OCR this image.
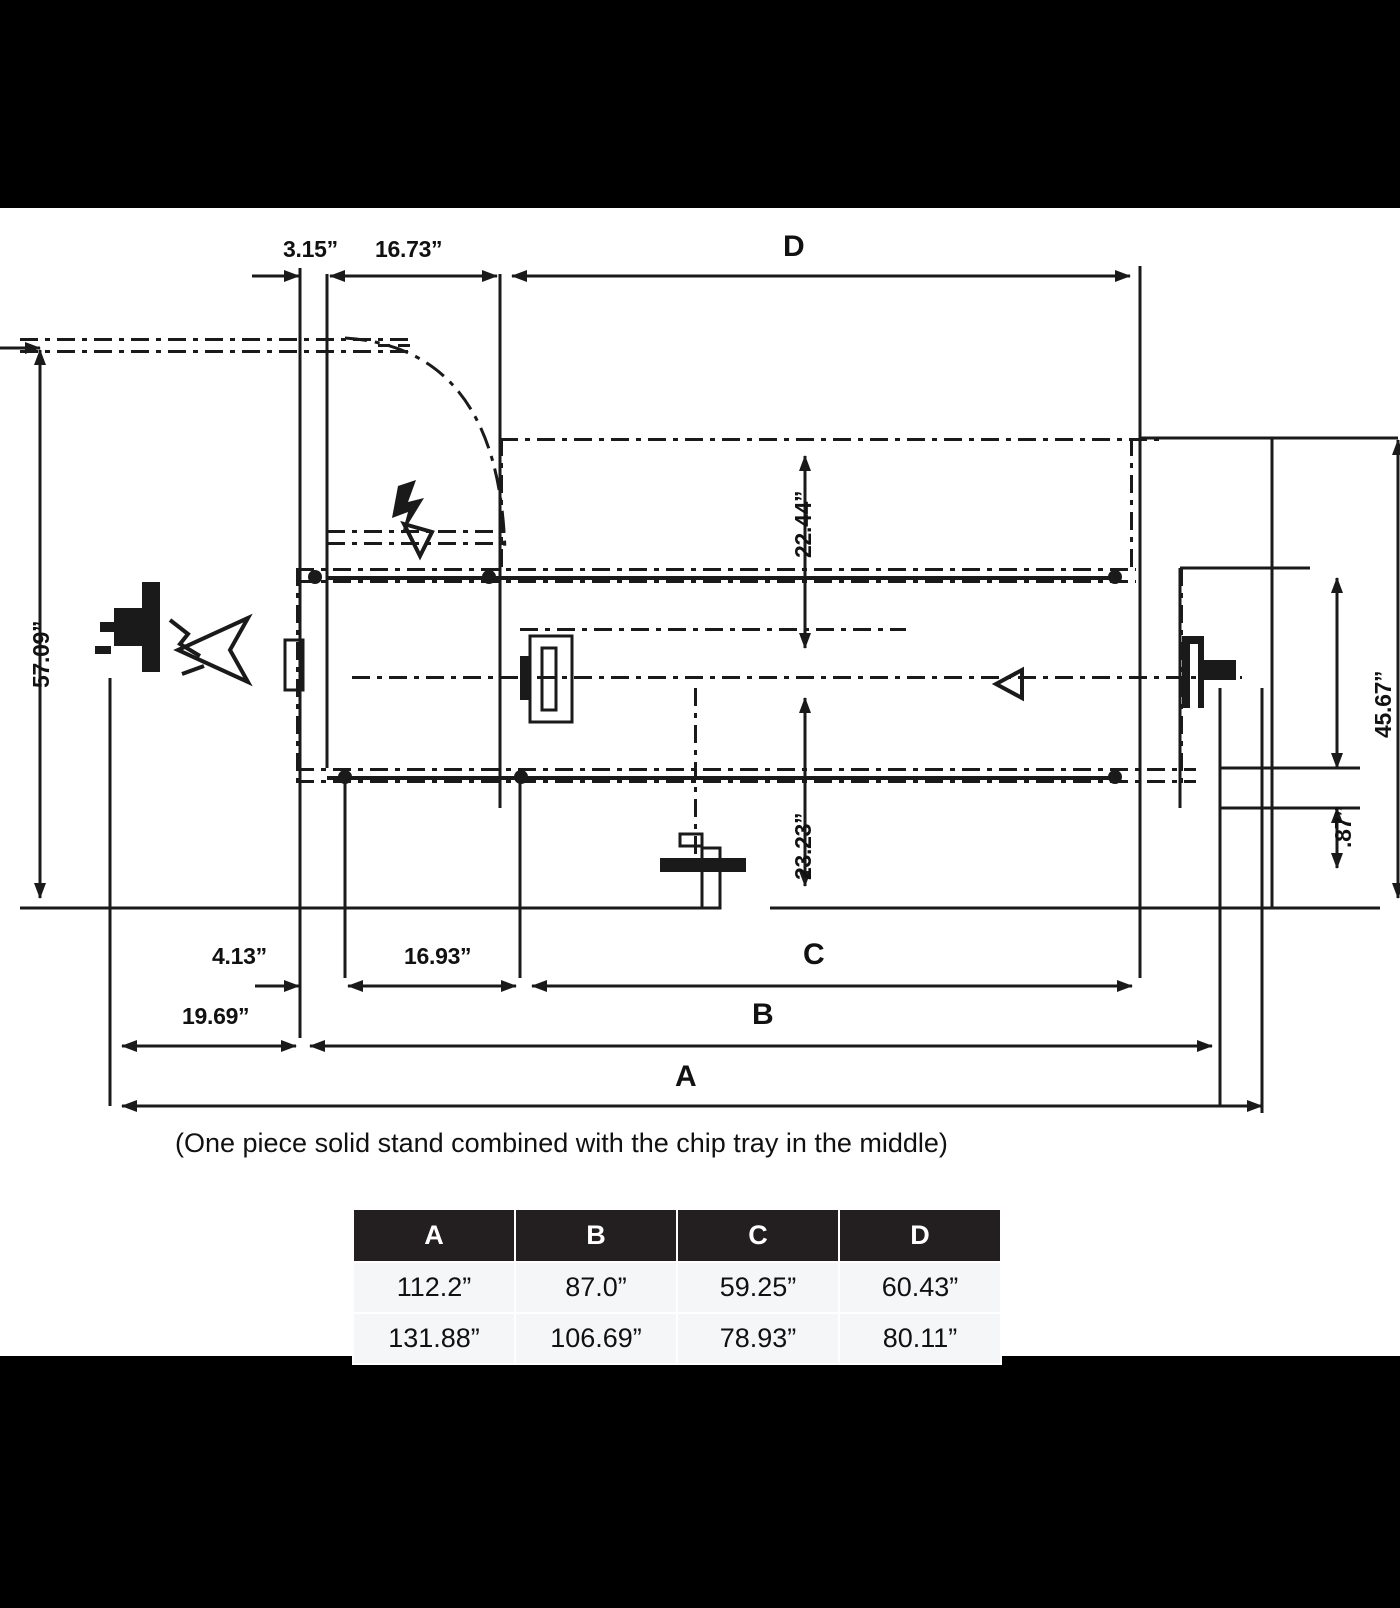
3.15” 16.73”	D
57.09”
22.44”
23.23”
45.67”
.87”
4.13”	16.93”	C
19.69”	B
A
(One piece solid stand combined with the chip tray in the middle)
A	B	C	D
112.2”	87.0”	59.25”	60.43”
131.88”	106.69”	78.93”	80.11”
